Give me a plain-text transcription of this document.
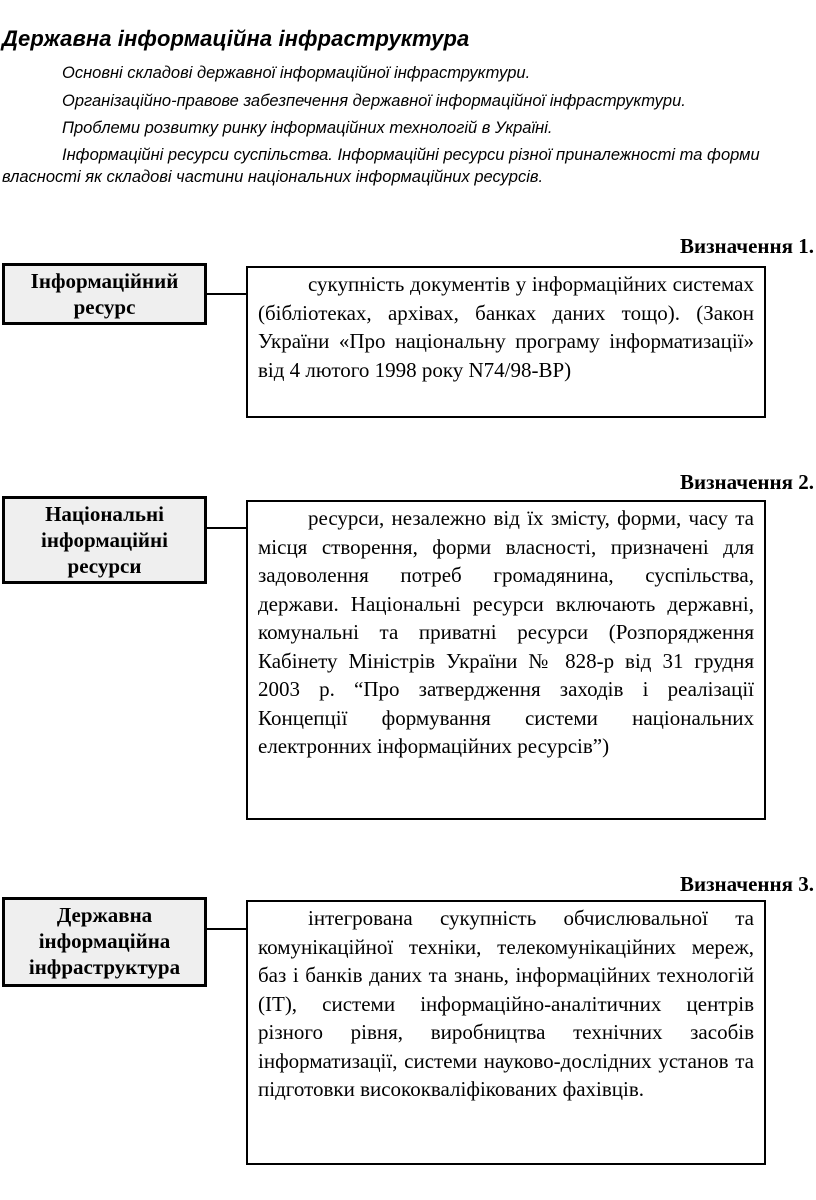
Державна інформаційна інфраструктура
Основні складові державної інформаційної інфраструктури.
Організаційно-правове забезпечення державної інформаційної інфраструктури.
Проблеми розвитку ринку інформаційних технологій в Україні.
Інформаційні ресурси суспільства. Інформаційні ресурси різної приналежності та форми власності як складові частини національних інформаційних ресурсів.
Визначення 1.
Інформаційний ресурс
сукупність документів у інформаційних системах (бібліотеках, архівах, банках даних тощо). (Закон України «Про національну програму інформатизації» від 4 лютого 1998 року N74/98-ВР)
Визначення 2.
Національні інформаційні ресурси
ресурси, незалежно від їх змісту, форми, часу та місця створення, форми власності, призначені для задоволення потреб громадянина, суспільства, держави. Національні ресурси включають державні, комунальні та приватні ресурси (Розпорядження Кабінету Міністрів України № 828-р від 31 грудня 2003 р. “Про затвердження заходів і реалізації Концепції формування системи національних електронних інформаційних ресурсів”)
Визначення 3.
Державна інформаційна інфраструктура
інтегрована сукупність обчислювальної та комунікаційної техніки, телекомунікаційних мереж, баз і банків даних та знань, інформаційних технологій (ІТ), системи інформаційно-аналітичних центрів різного рівня, виробництва технічних засобів інформатизації, системи науково-дослідних установ та підготовки висококваліфікованих фахівців.
